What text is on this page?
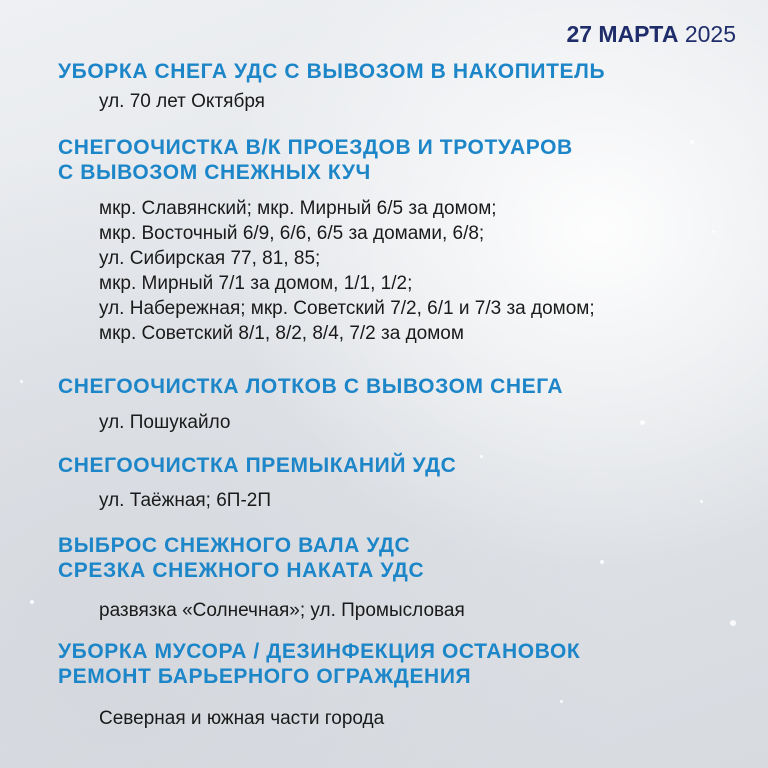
27 МАРТА 2025
УБОРКА СНЕГА УДС С ВЫВОЗОМ В НАКОПИТЕЛЬ
ул. 70 лет Октября
СНЕГООЧИСТКА В/К ПРОЕЗДОВ И ТРОТУАРОВ
С ВЫВОЗОМ СНЕЖНЫХ КУЧ
мкр. Славянский; мкр. Мирный 6/5 за домом;
мкр. Восточный 6/9, 6/6, 6/5 за домами, 6/8;
ул. Сибирская 77, 81, 85;
мкр. Мирный 7/1 за домом, 1/1, 1/2;
ул. Набережная; мкр. Советский 7/2, 6/1 и 7/3 за домом;
мкр. Советский 8/1, 8/2, 8/4, 7/2 за домом
СНЕГООЧИСТКА ЛОТКОВ С ВЫВОЗОМ СНЕГА
ул. Пошукайло
СНЕГООЧИСТКА ПРЕМЫКАНИЙ УДС
ул. Таёжная; 6П-2П
ВЫБРОС СНЕЖНОГО ВАЛА УДС
СРЕЗКА СНЕЖНОГО НАКАТА УДС
развязка «Солнечная»; ул. Промысловая
УБОРКА МУСОРА / ДЕЗИНФЕКЦИЯ ОСТАНОВОК
РЕМОНТ БАРЬЕРНОГО ОГРАЖДЕНИЯ
Северная и южная части города
